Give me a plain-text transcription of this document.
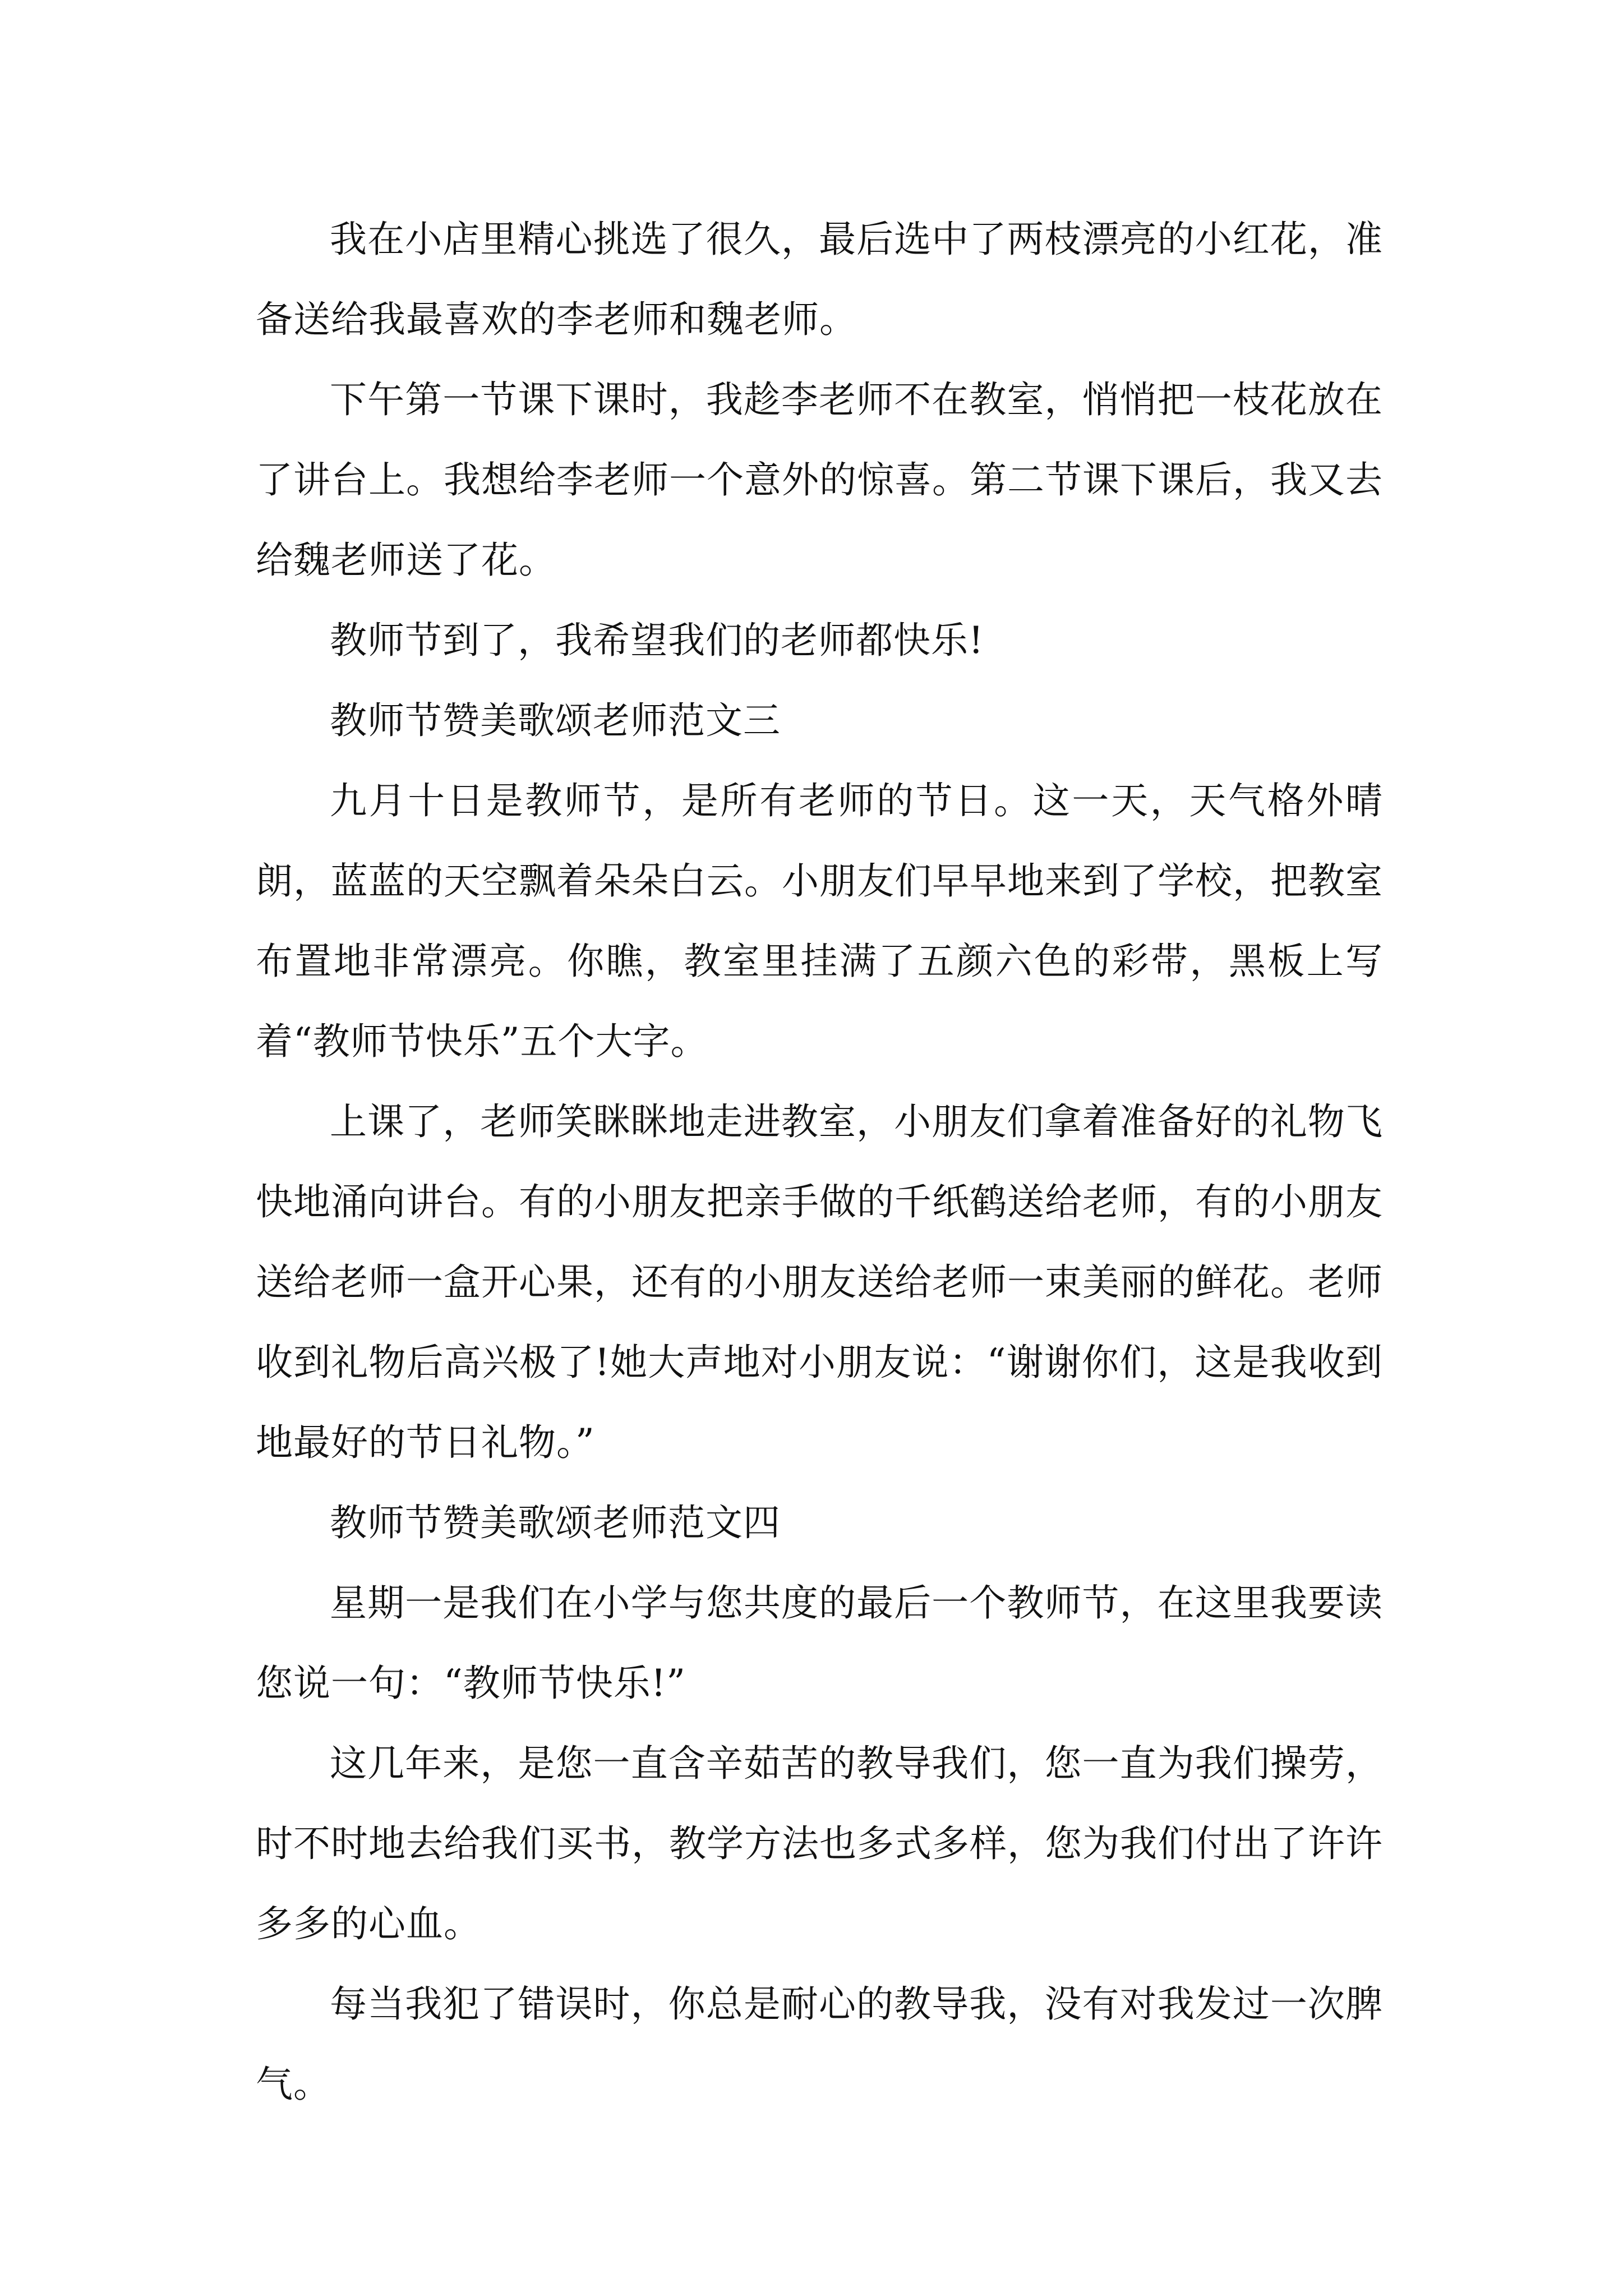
我在小店里精心挑选了很久，最后选中了两枝漂亮的小红花，准备送给我最喜欢的李老师和魏老师。

下午第一节课下课时，我趁李老师不在教室，悄悄把一枝花放在了讲台上。我想给李老师一个意外的惊喜。第二节课下课后，我又去给魏老师送了花。

教师节到了，我希望我们的老师都快乐!

教师节赞美歌颂老师范文三

九月十日是教师节，是所有老师的节日。这一天，天气格外晴朗，蓝蓝的天空飘着朵朵白云。小朋友们早早地来到了学校，把教室布置地非常漂亮。你瞧，教室里挂满了五颜六色的彩带，黑板上写着“教师节快乐”五个大字。

上课了，老师笑眯眯地走进教室，小朋友们拿着准备好的礼物飞快地涌向讲台。有的小朋友把亲手做的千纸鹤送给老师，有的小朋友送给老师一盒开心果，还有的小朋友送给老师一束美丽的鲜花。老师收到礼物后高兴极了!她大声地对小朋友说：“谢谢你们，这是我收到地最好的节日礼物。”

教师节赞美歌颂老师范文四

星期一是我们在小学与您共度的最后一个教师节，在这里我要读您说一句：“教师节快乐!”

这几年来，是您一直含辛茹苦的教导我们，您一直为我们操劳，时不时地去给我们买书，教学方法也多式多样，您为我们付出了许许多多的心血。

每当我犯了错误时，你总是耐心的教导我，没有对我发过一次脾气。
